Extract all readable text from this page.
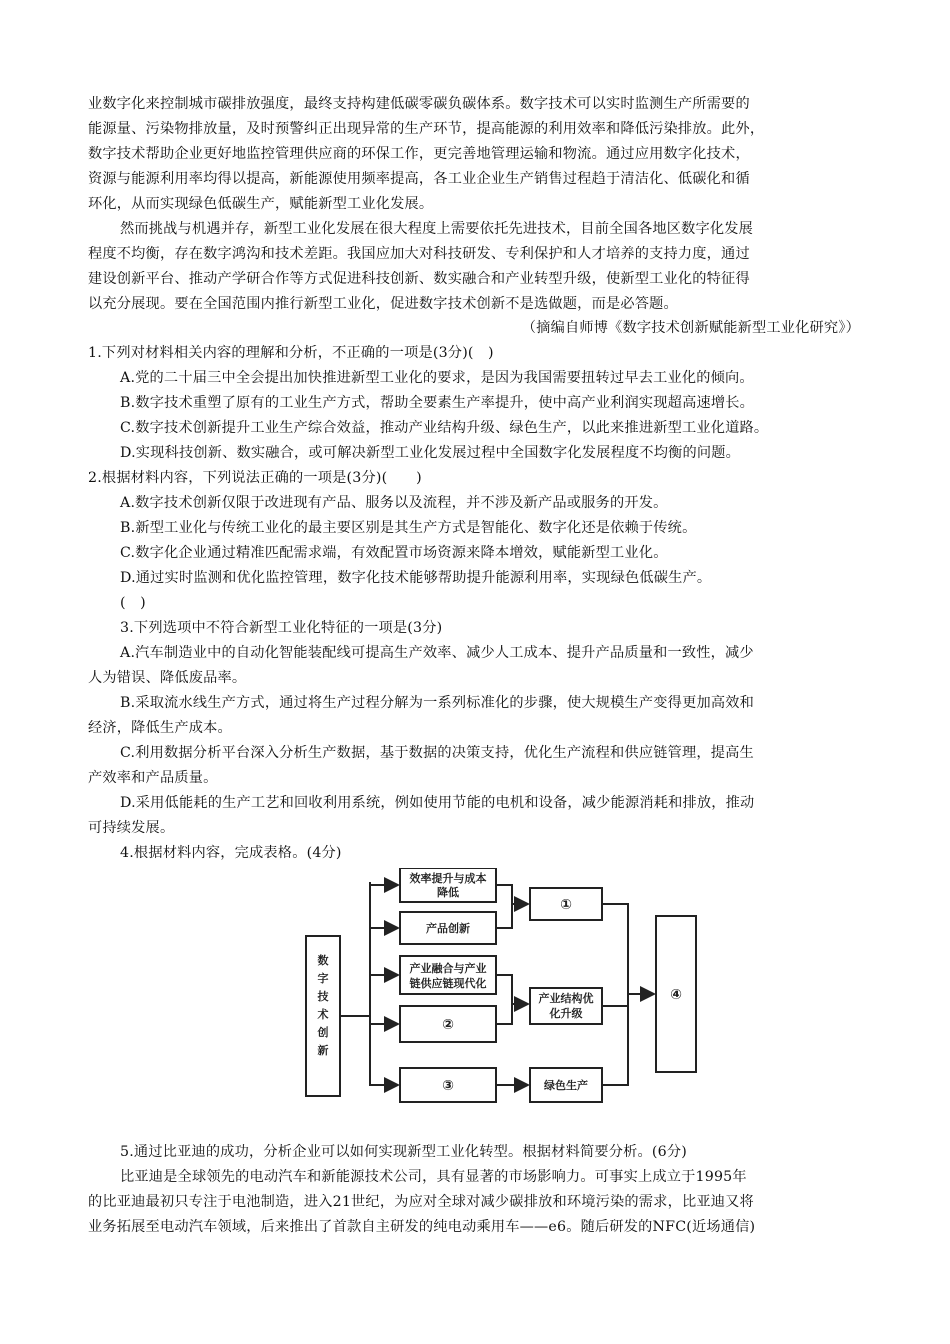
业数字化来控制城市碳排放强度，最终支持构建低碳零碳负碳体系。数字技术可以实时监测生产所需要的
能源量、污染物排放量，及时预警纠正出现异常的生产环节，提高能源的利用效率和降低污染排放。此外，
数字技术帮助企业更好地监控管理供应商的环保工作，更完善地管理运输和物流。通过应用数字化技术，
资源与能源利用率均得以提高，新能源使用频率提高，各工业企业生产销售过程趋于清洁化、低碳化和循
环化，从而实现绿色低碳生产，赋能新型工业化发展。
然而挑战与机遇并存，新型工业化发展在很大程度上需要依托先进技术，目前全国各地区数字化发展
程度不均衡，存在数字鸿沟和技术差距。我国应加大对科技研发、专利保护和人才培养的支持力度，通过
建设创新平台、推动产学研合作等方式促进科技创新、数实融合和产业转型升级，使新型工业化的特征得
以充分展现。要在全国范围内推行新型工业化，促进数字技术创新不是选做题，而是必答题。
（摘编自师博《数字技术创新赋能新型工业化研究》）
1.下列对材料相关内容的理解和分析，不正确的一项是(3分)(　)
A.党的二十届三中全会提出加快推进新型工业化的要求，是因为我国需要扭转过早去工业化的倾向。
B.数字技术重塑了原有的工业生产方式，帮助全要素生产率提升，使中高产业利润实现超高速增长。
C.数字技术创新提升工业生产综合效益，推动产业结构升级、绿色生产，以此来推进新型工业化道路。
D.实现科技创新、数实融合，或可解决新型工业化发展过程中全国数字化发展程度不均衡的问题。
2.根据材料内容，下列说法正确的一项是(3分)(　　)
A.数字技术创新仅限于改进现有产品、服务以及流程，并不涉及新产品或服务的开发。
B.新型工业化与传统工业化的最主要区别是其生产方式是智能化、数字化还是依赖于传统。
C.数字化企业通过精准匹配需求端，有效配置市场资源来降本增效，赋能新型工业化。
D.通过实时监测和优化监控管理，数字化技术能够帮助提升能源利用率，实现绿色低碳生产。
(　)
3.下列选项中不符合新型工业化特征的一项是(3分)
A.汽车制造业中的自动化智能装配线可提高生产效率、减少人工成本、提升产品质量和一致性，减少
人为错误、降低废品率。
B.采取流水线生产方式，通过将生产过程分解为一系列标准化的步骤，使大规模生产变得更加高效和
经济，降低生产成本。
C.利用数据分析平台深入分析生产数据，基于数据的决策支持，优化生产流程和供应链管理，提高生
产效率和产品质量。
D.采用低能耗的生产工艺和回收利用系统，例如使用节能的电机和设备，减少能源消耗和排放，推动
可持续发展。
4.根据材料内容，完成表格。(4分)
数
字
技
术
创
新
效率提升与成本
降低
产品创新
产业融合与产业
链供应链现代化
②
③
①
产业结构优
化升级
绿色生产
④
5.通过比亚迪的成功，分析企业可以如何实现新型工业化转型。根据材料简要分析。(6分)
比亚迪是全球领先的电动汽车和新能源技术公司，具有显著的市场影响力。可事实上成立于1995年
的比亚迪最初只专注于电池制造，进入21世纪，为应对全球对减少碳排放和环境污染的需求，比亚迪又将
业务拓展至电动汽车领域，后来推出了首款自主研发的纯电动乘用车——e6。随后研发的NFC(近场通信)
